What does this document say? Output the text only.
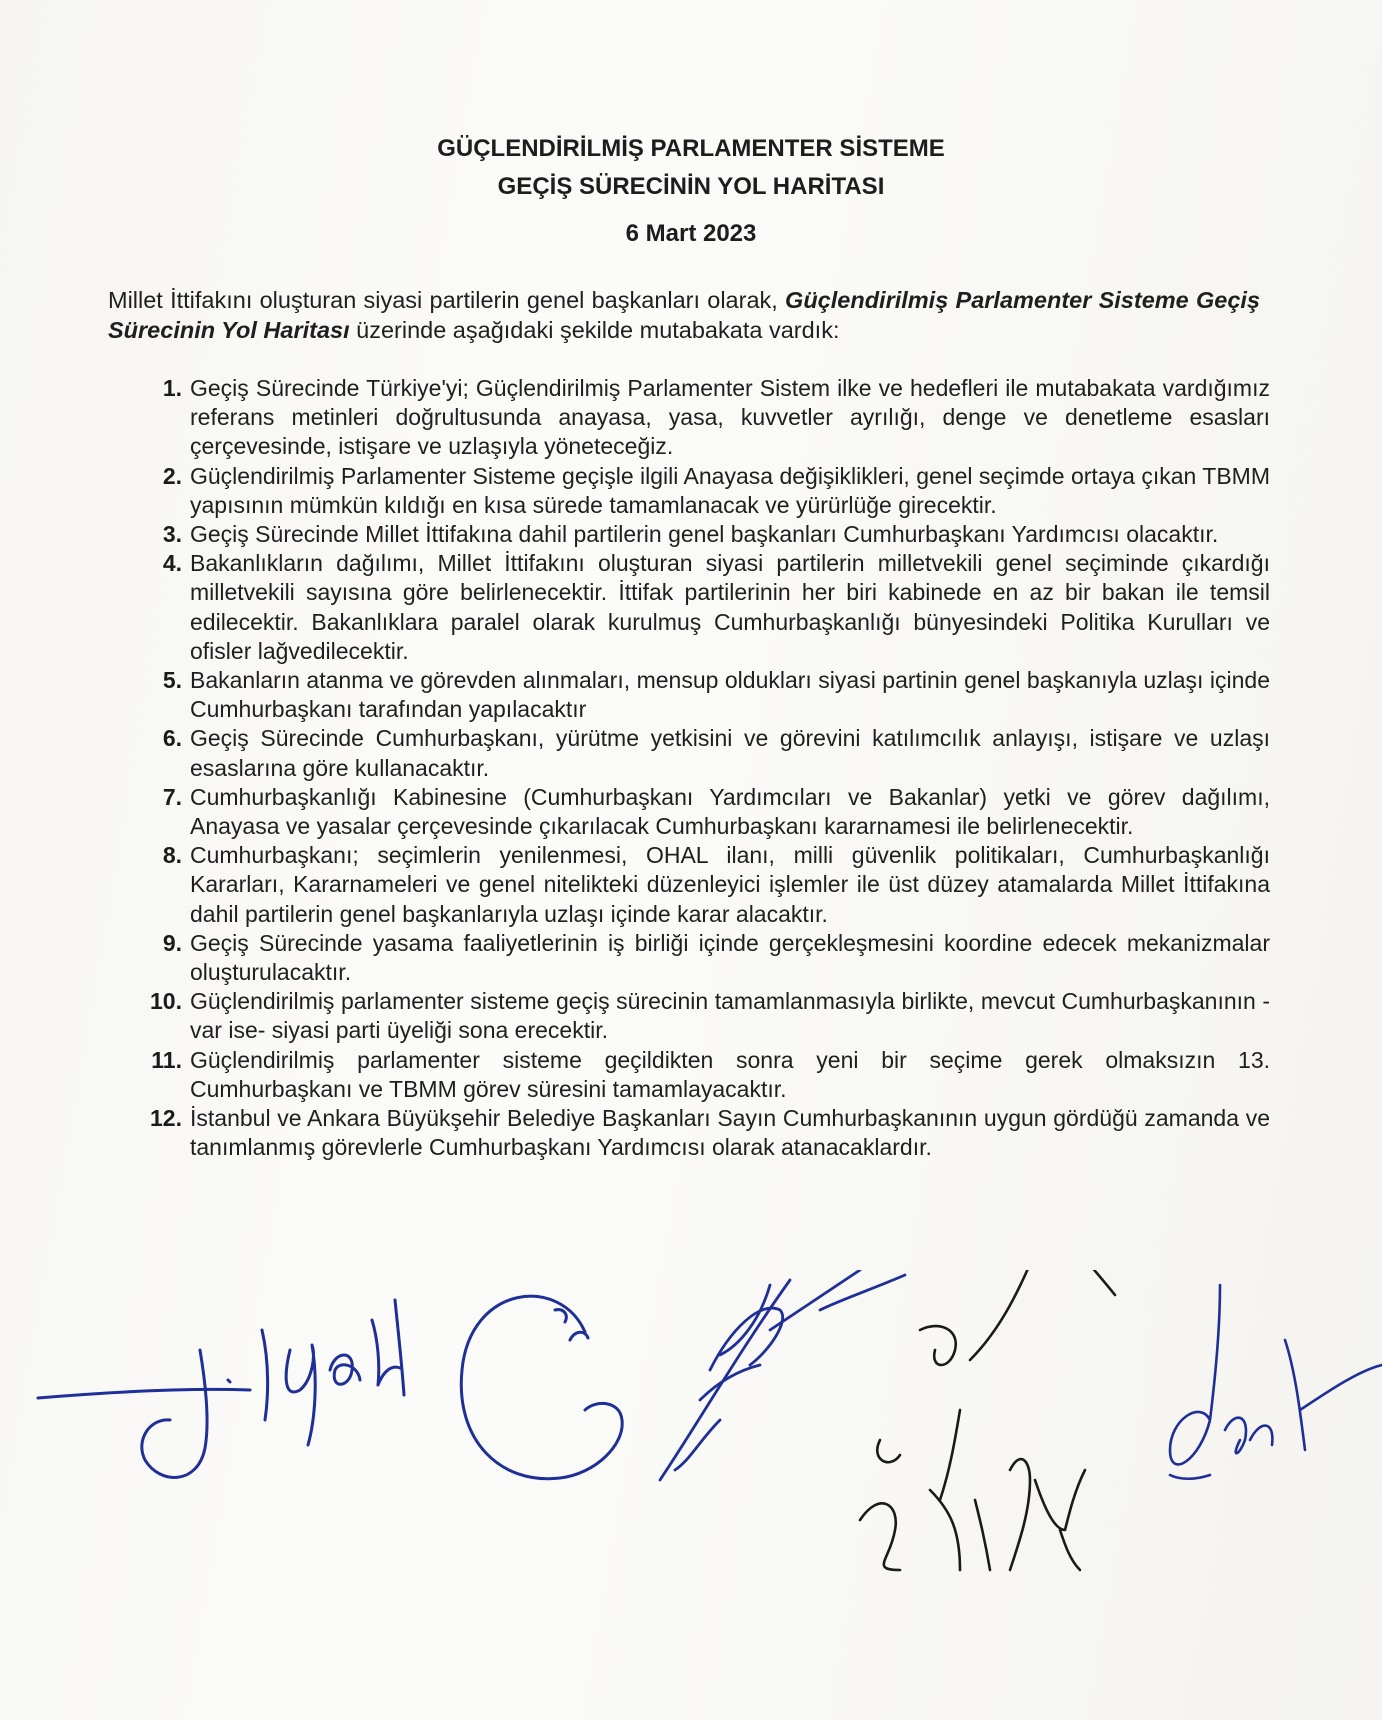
GÜÇLENDİRİLMİŞ PARLAMENTER SİSTEME
GEÇİŞ SÜRECİNİN YOL HARİTASI
6 Mart 2023

Millet İttifakını oluşturan siyasi partilerin genel başkanları olarak, Güçlendirilmiş Parlamenter Sisteme Geçiş Sürecinin Yol Haritası üzerinde aşağıdaki şekilde mutabakata vardık:

1. Geçiş Sürecinde Türkiye'yi; Güçlendirilmiş Parlamenter Sistem ilke ve hedefleri ile mutabakata vardığımız referans metinleri doğrultusunda anayasa, yasa, kuvvetler ayrılığı, denge ve denetleme esasları çerçevesinde, istişare ve uzlaşıyla yöneteceğiz.
2. Güçlendirilmiş Parlamenter Sisteme geçişle ilgili Anayasa değişiklikleri, genel seçimde ortaya çıkan TBMM yapısının mümkün kıldığı en kısa sürede tamamlanacak ve yürürlüğe girecektir.
3. Geçiş Sürecinde Millet İttifakına dahil partilerin genel başkanları Cumhurbaşkanı Yardımcısı olacaktır.
4. Bakanlıkların dağılımı, Millet İttifakını oluşturan siyasi partilerin milletvekili genel seçiminde çıkardığı milletvekili sayısına göre belirlenecektir. İttifak partilerinin her biri kabinede en az bir bakan ile temsil edilecektir. Bakanlıklara paralel olarak kurulmuş Cumhurbaşkanlığı bünyesindeki Politika Kurulları ve ofisler lağvedilecektir.
5. Bakanların atanma ve görevden alınmaları, mensup oldukları siyasi partinin genel başkanıyla uzlaşı içinde Cumhurbaşkanı tarafından yapılacaktır
6. Geçiş Sürecinde Cumhurbaşkanı, yürütme yetkisini ve görevini katılımcılık anlayışı, istişare ve uzlaşı esaslarına göre kullanacaktır.
7. Cumhurbaşkanlığı Kabinesine (Cumhurbaşkanı Yardımcıları ve Bakanlar) yetki ve görev dağılımı, Anayasa ve yasalar çerçevesinde çıkarılacak Cumhurbaşkanı kararnamesi ile belirlenecektir.
8. Cumhurbaşkanı; seçimlerin yenilenmesi, OHAL ilanı, milli güvenlik politikaları, Cumhurbaşkanlığı Kararları, Kararnameleri ve genel nitelikteki düzenleyici işlemler ile üst düzey atamalarda Millet İttifakına dahil partilerin genel başkanlarıyla uzlaşı içinde karar alacaktır.
9. Geçiş Sürecinde yasama faaliyetlerinin iş birliği içinde gerçekleşmesini koordine edecek mekanizmalar oluşturulacaktır.
10. Güçlendirilmiş parlamenter sisteme geçiş sürecinin tamamlanmasıyla birlikte, mevcut Cumhurbaşkanının -var ise- siyasi parti üyeliği sona erecektir.
11. Güçlendirilmiş parlamenter sisteme geçildikten sonra yeni bir seçime gerek olmaksızın 13. Cumhurbaşkanı ve TBMM görev süresini tamamlayacaktır.
12. İstanbul ve Ankara Büyükşehir Belediye Başkanları Sayın Cumhurbaşkanının uygun gördüğü zamanda ve tanımlanmış görevlerle Cumhurbaşkanı Yardımcısı olarak atanacaklardır.
